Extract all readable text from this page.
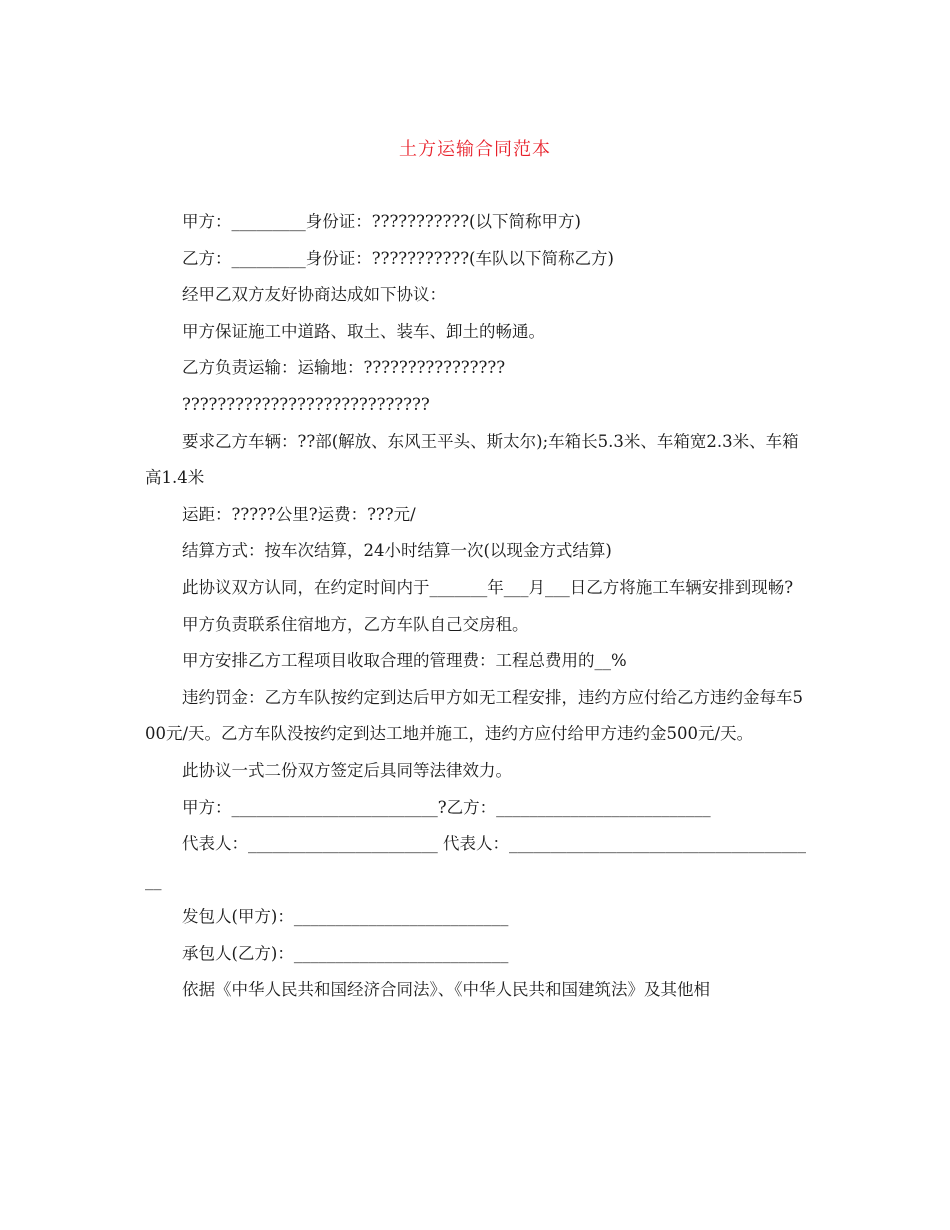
土方运输合同范本

甲方：_________身份证：???????????(以下简称甲方)

乙方：_________身份证：???????????(车队以下简称乙方)

经甲乙双方友好协商达成如下协议：

甲方保证施工中道路、取土、装车、卸土的畅通。

乙方负责运输：运输地：????????????????

????????????????????????????

要求乙方车辆：??部(解放、东风王平头、斯太尔);车箱长5.3米、车箱宽2.3米、车箱高1.4米

运距：?????公里?运费：???元/

结算方式：按车次结算，24小时结算一次(以现金方式结算)

此协议双方认同，在约定时间内于_______年___月___日乙方将施工车辆安排到现畅?

甲方负责联系住宿地方，乙方车队自己交房租。

甲方安排乙方工程项目收取合理的管理费：工程总费用的__%

违约罚金：乙方车队按约定到达后甲方如无工程安排，违约方应付给乙方违约金每车500元/天。乙方车队没按约定到达工地并施工，违约方应付给甲方违约金500元/天。

此协议一式二份双方签定后具同等法律效力。

甲方：_________________________?乙方：__________________________

代表人：_______________________ 代表人：______________________________________

发包人(甲方)：__________________________

承包人(乙方)：__________________________

依据《中华人民共和国经济合同法》、《中华人民共和国建筑法》及其他相
